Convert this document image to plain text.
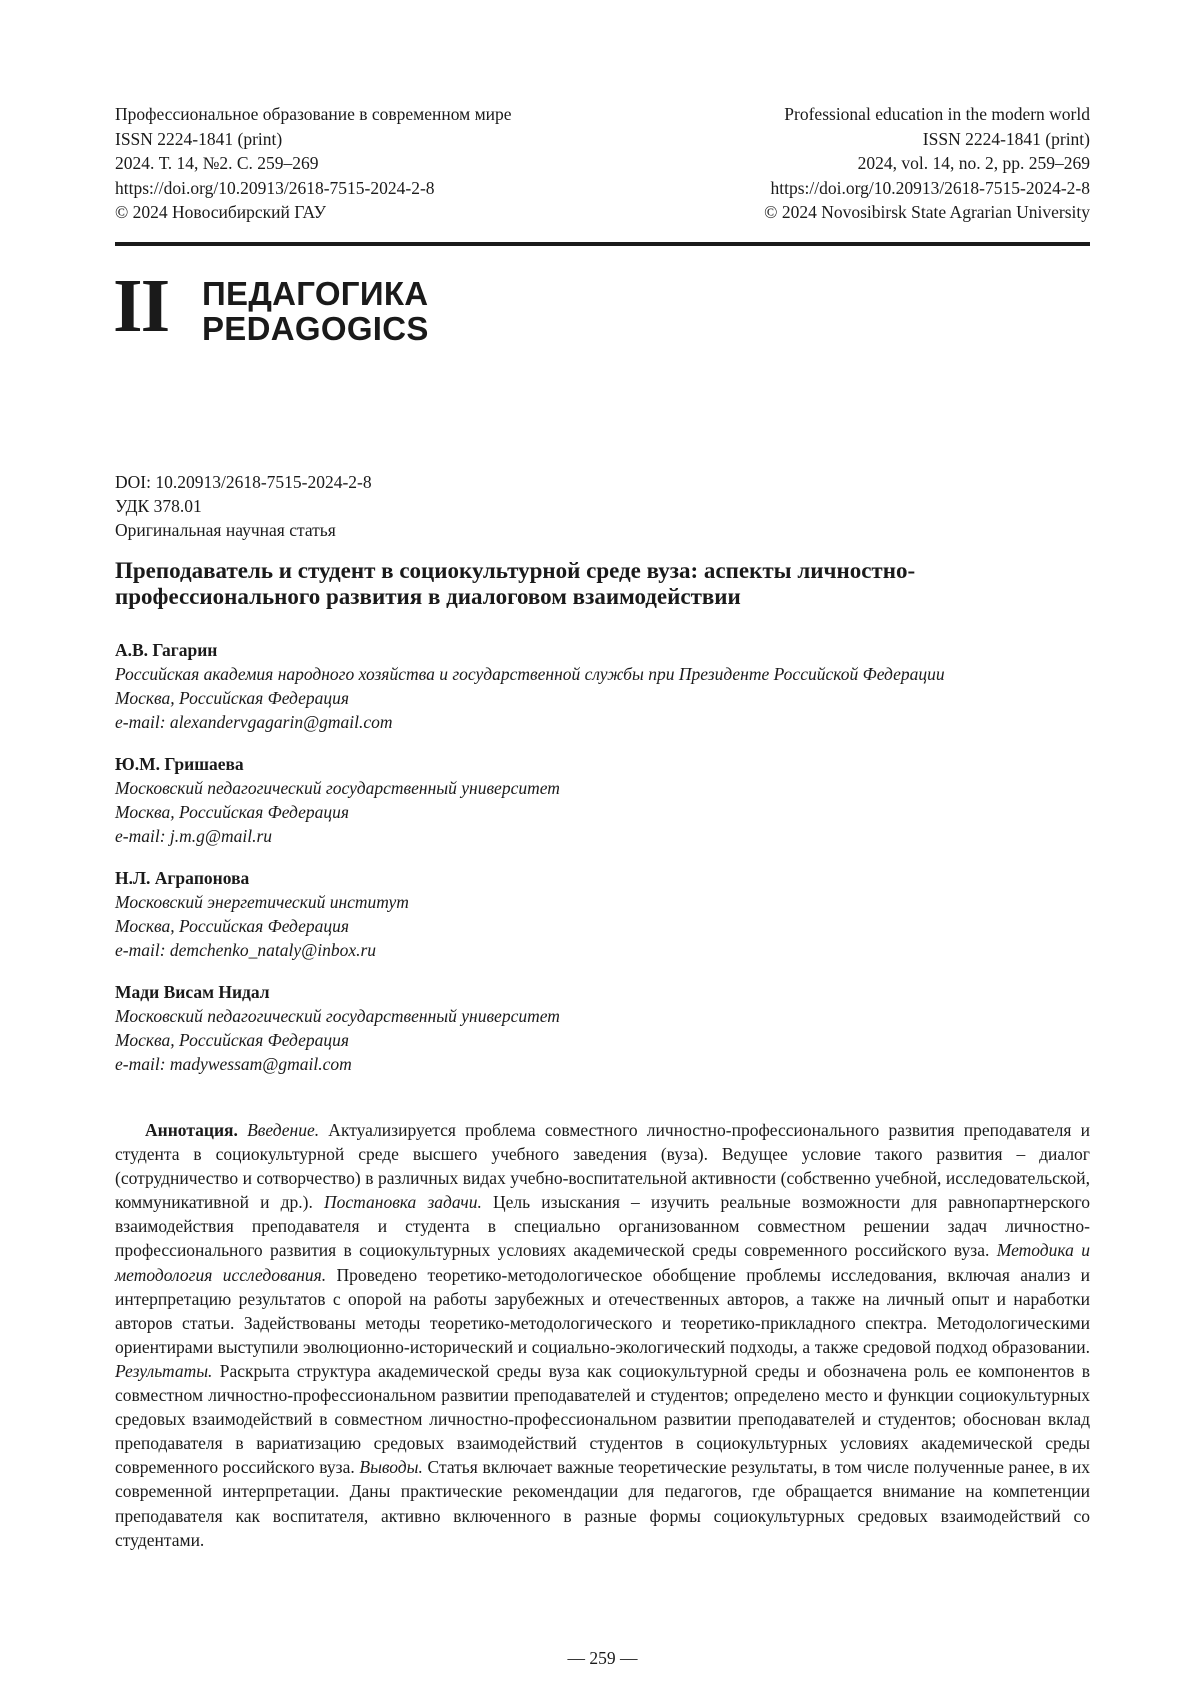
Профессиональное образование в современном мире
ISSN 2224-1841 (print)
2024. Т. 14, №2. С. 259–269
https://doi.org/10.20913/2618-7515-2024-2-8
© 2024 Новосибирский ГАУ
Professional education in the modern world
ISSN 2224-1841 (print)
2024, vol. 14, no. 2, pp. 259–269
https://doi.org/10.20913/2618-7515-2024-2-8
© 2024 Novosibirsk State Agrarian University
II ПЕДАГОГИКА
PEDAGOGICS
DOI: 10.20913/2618-7515-2024-2-8
УДК 378.01
Оригинальная научная статья
Преподаватель и студент в социокультурной среде вуза: аспекты личностно-профессионального развития в диалоговом взаимодействии
А.В. Гагарин
Российская академия народного хозяйства и государственной службы при Президенте Российской Федерации
Москва, Российская Федерация
e-mail: alexandervgagarin@gmail.com
Ю.М. Гришаева
Московский педагогический государственный университет
Москва, Российская Федерация
e-mail: j.m.g@mail.ru
Н.Л. Агрaпонова
Московский энергетический институт
Москва, Российская Федерация
e-mail: demchenko_nataly@inbox.ru
Мади Висам Нидал
Московский педагогический государственный университет
Москва, Российская Федерация
e-mail: madywessam@gmail.com

Аннотация. Введение. Актуализируется проблема совместного личностно-профессионального развития преподавателя и студента в социокультурной среде высшего учебного заведения (вуза). Ведущее условие такого развития – диалог (сотрудничество и сотворчество) в различных видах учебно-воспитательной активности (собственно учебной, исследовательской, коммуникативной и др.). Постановка задачи. Цель изыскания – изучить реальные возможности для равнопартнерского взаимодействия преподавателя и студента в специально организованном совместном решении задач личностно-профессионального развития в социокультурных условиях академической среды современного российского вуза. Методика и методология исследования. Проведено теоретико-методологическое обобщение проблемы исследования, включая анализ и интерпретацию результатов с опорой на работы зарубежных и отечественных авторов, а также на личный опыт и наработки авторов статьи. Задействованы методы теоретико-методологического и теоретико-прикладного спектра. Методологическими ориентирами выступили эволюционно-исторический и социально-экологический подходы, а также средовой подход образовании. Результаты. Раскрыта структура академической среды вуза как социокультурной среды и обозначена роль ее компонентов в совместном личностно-профессиональном развитии преподавателей и студентов; определено место и функции социокультурных средовых взаимодействий в совместном личностно-профессиональном развитии преподавателей и студентов; обоснован вклад преподавателя в вариатизацию средовых взаимодействий студентов в социокультурных условиях академической среды современного российского вуза. Выводы. Статья включает важные теоретические результаты, в том числе полученные ранее, в их современной интерпретации. Даны практические рекомендации для педагогов, где обращается внимание на компетенции преподавателя как воспитателя, активно включенного в разные формы социокультурных средовых взаимодействий со студентами.

— 259 —
